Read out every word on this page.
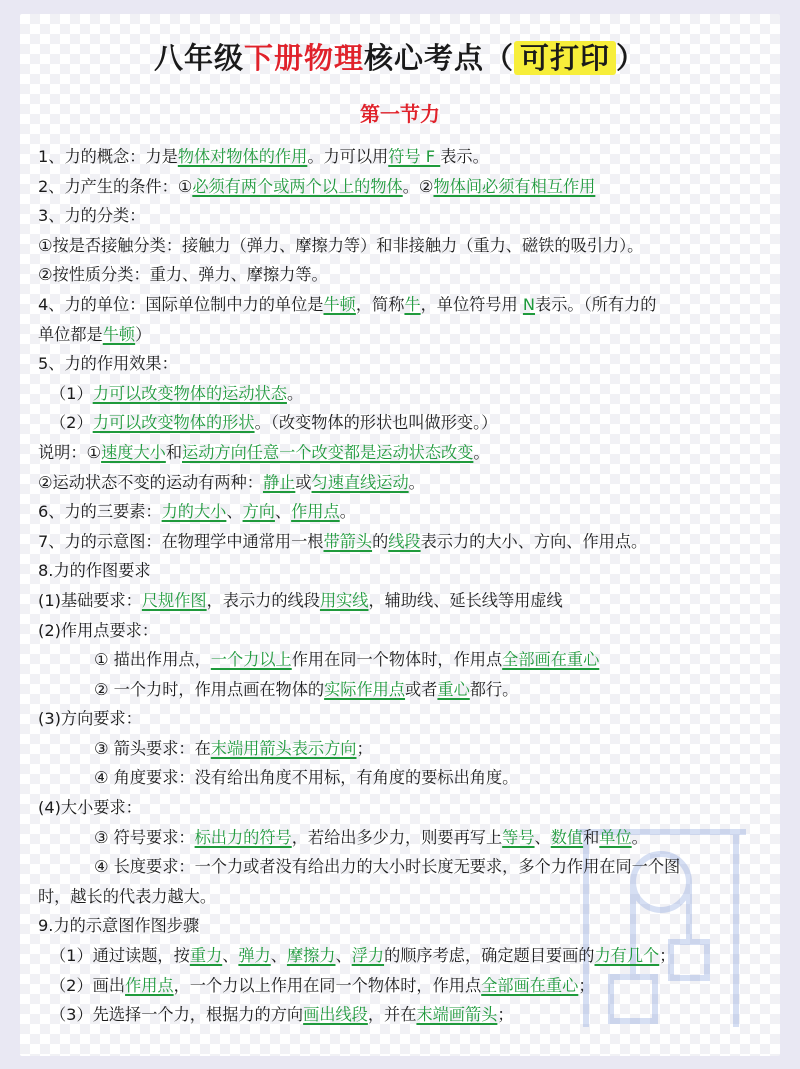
八年级下册物理核心考点（ 可打印 ）
第一节力
1、力的概念：力是物体对物体的作用。力可以用符号 F 表示。
2、力产生的条件：①必须有两个或两个以上的物体。②物体间必须有相互作用
3、力的分类：
①按是否接触分类：接触力（弹力、摩擦力等）和非接触力（重力、磁铁的吸引力）。
②按性质分类：重力、弹力、摩擦力等。
4、力的单位：国际单位制中力的单位是牛顿，简称牛，单位符号用 N表示。（所有力的
单位都是牛顿）
5、力的作用效果：
（1）力可以改变物体的运动状态。
（2）力可以改变物体的形状。（改变物体的形状也叫做形变。）
说明：①速度大小和运动方向任意一个改变都是运动状态改变。
②运动状态不变的运动有两种：静止或匀速直线运动。
6、力的三要素：力的大小、方向、作用点。
7、力的示意图：在物理学中通常用一根带箭头的线段表示力的大小、方向、作用点。
8.力的作图要求
(1)基础要求：尺规作图，表示力的线段用实线，辅助线、延长线等用虚线
(2)作用点要求：
① 描出作用点，一个力以上作用在同一个物体时，作用点全部画在重心
② 一个力时，作用点画在物体的实际作用点或者重心都行。
(3)方向要求：
③ 箭头要求：在末端用箭头表示方向；
④ 角度要求：没有给出角度不用标，有角度的要标出角度。
(4)大小要求：
③ 符号要求：标出力的符号，若给出多少力，则要再写上等号、数值和单位。
④ 长度要求：一个力或者没有给出力的大小时长度无要求，多个力作用在同一个图
时，越长的代表力越大。
9.力的示意图作图步骤
（1）通过读题，按重力、弹力、摩擦力、浮力的顺序考虑，确定题目要画的力有几个；
（2）画出作用点，一个力以上作用在同一个物体时，作用点全部画在重心；
（3）先选择一个力，根据力的方向画出线段，并在末端画箭头；
